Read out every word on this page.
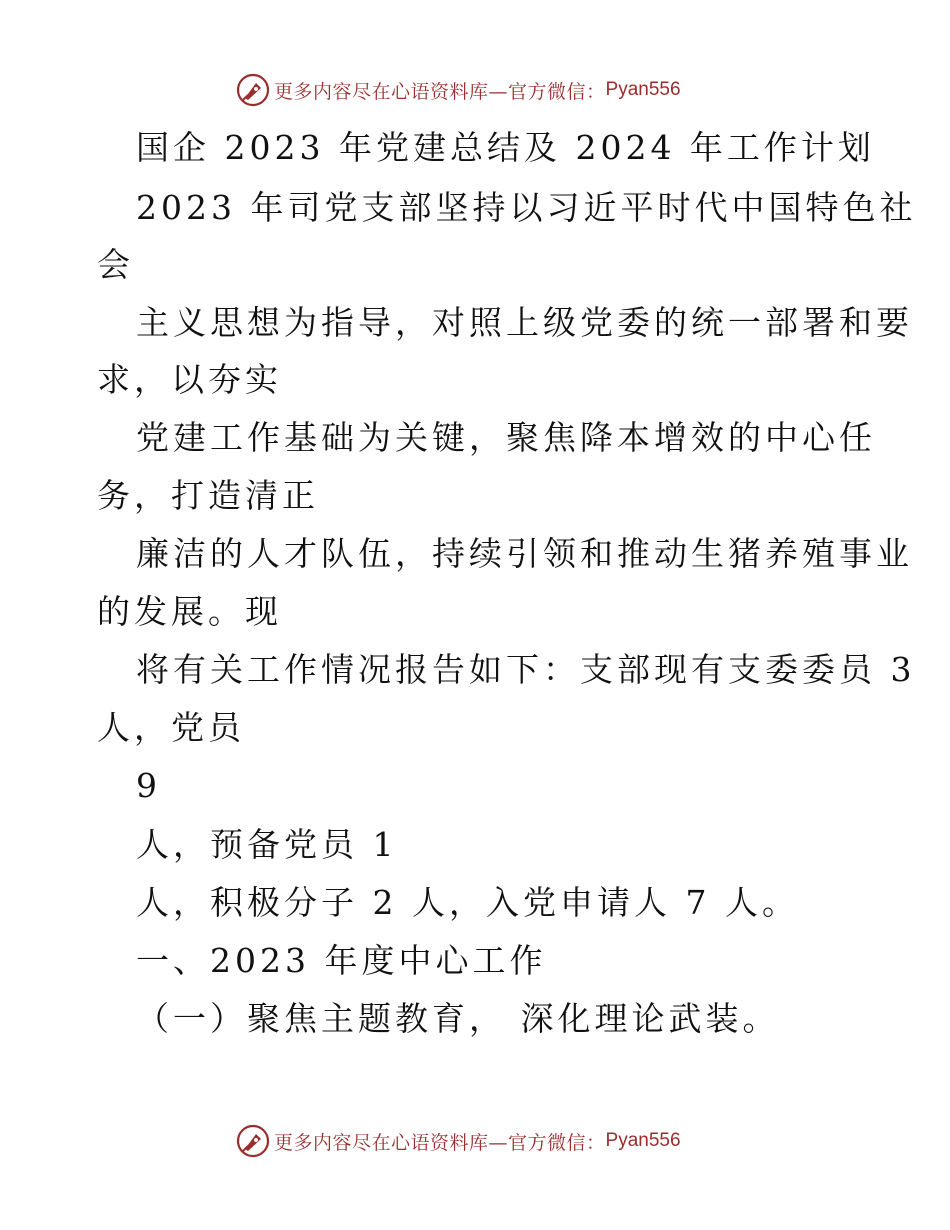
更多内容尽在心语资料库—官方微信： Pyan556
国企 2023 年党建总结及 2024 年工作计划
2023 年司党支部坚持以习近平时代中国特色社
会
主义思想为指导，对照上级党委的统一部署和要
求，以夯实
党建工作基础为关键，聚焦降本增效的中心任
务，打造清正
廉洁的人才队伍，持续引领和推动生猪养殖事业
的发展。现
将有关工作情况报告如下：支部现有支委委员 3
人，党员
9
人，预备党员 1
人，积极分子 2 人，入党申请人 7 人。
一、2023 年度中心工作
（一）聚焦主题教育， 深化理论武装。
更多内容尽在心语资料库—官方微信： Pyan556
